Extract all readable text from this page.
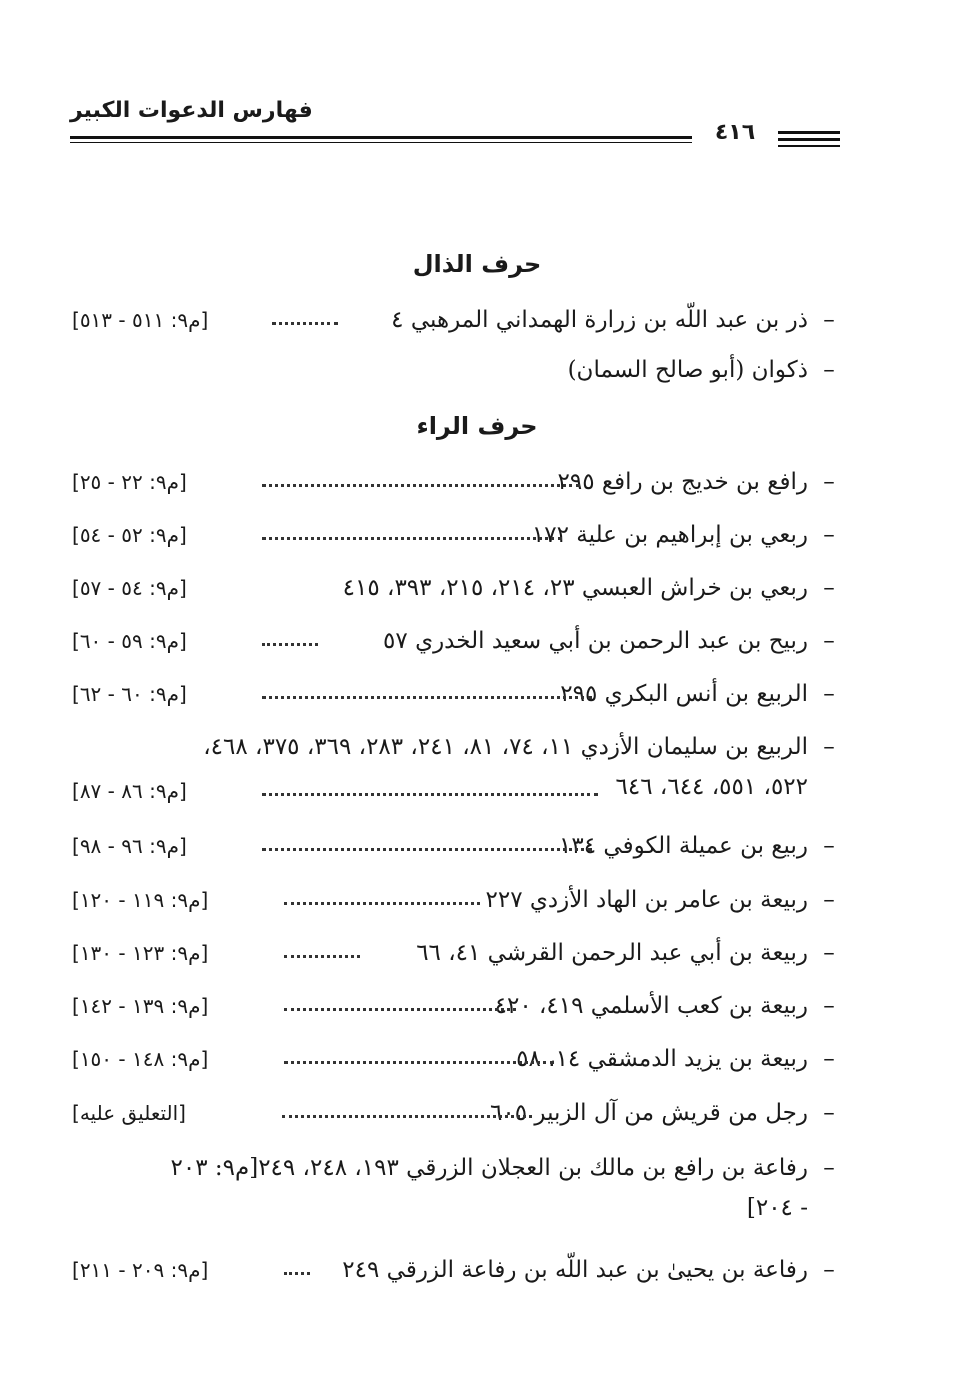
فهارس الدعوات الكبير
٤١٦
حرف الذال
–
ذر بن عبد اللّه بن زرارة الهمداني المرهبي ٤
[م٩: ٥١١ - ٥١٣]
–
ذكوان (أبو صالح السمان)
حرف الراء
–
رافع بن خديج بن رافع ٢٩٥
[م٩: ٢٢ - ٢٥]
–
ربعي بن إبراهيم بن علية ١٧٢
[م٩: ٥٢ - ٥٤]
–
ربعي بن خراش العبسي ٢٣، ٢١٤، ٢١٥، ٣٩٣، ٤١٥
[م٩: ٥٤ - ٥٧]
–
ربيح بن عبد الرحمن بن أبي سعيد الخدري ٥٧
[م٩: ٥٩ - ٦٠]
–
الربيع بن أنس البكري ٢٩٥
[م٩: ٦٠ - ٦٢]
–
الربيع بن سليمان الأزدي ١١، ٧٤، ٨١، ٢٤١، ٢٨٣، ٣٦٩، ٣٧٥، ٤٦٨،
٥٢٢، ٥٥١، ٦٤٤، ٦٤٦
[م٩: ٨٦ - ٨٧]
–
ربيع بن عميلة الكوفي ١٣٤
[م٩: ٩٦ - ٩٨]
–
ربيعة بن عامر بن الهاد الأزدي ٢٢٧
[م٩: ١١٩ - ١٢٠]
–
ربيعة بن أبي عبد الرحمن القرشي ٤١، ٦٦
[م٩: ١٢٣ - ١٣٠]
–
ربيعة بن كعب الأسلمي ٤١٩، ٤٢٠
[م٩: ١٣٩ - ١٤٢]
–
ربيعة بن يزيد الدمشقي ١٤، ٥٨
[م٩: ١٤٨ - ١٥٠]
–
رجل من قريش من آل الزبير ٦٠٥
[التعليق عليه]
–
رفاعة بن رافع بن مالك بن العجلان الزرقي ١٩٣، ٢٤٨، ٢٤٩[م٩: ٢٠٣
- ٢٠٤]
–
رفاعة بن يحيىٰ بن عبد اللّه بن رفاعة الزرقي ٢٤٩
[م٩: ٢٠٩ - ٢١١]
